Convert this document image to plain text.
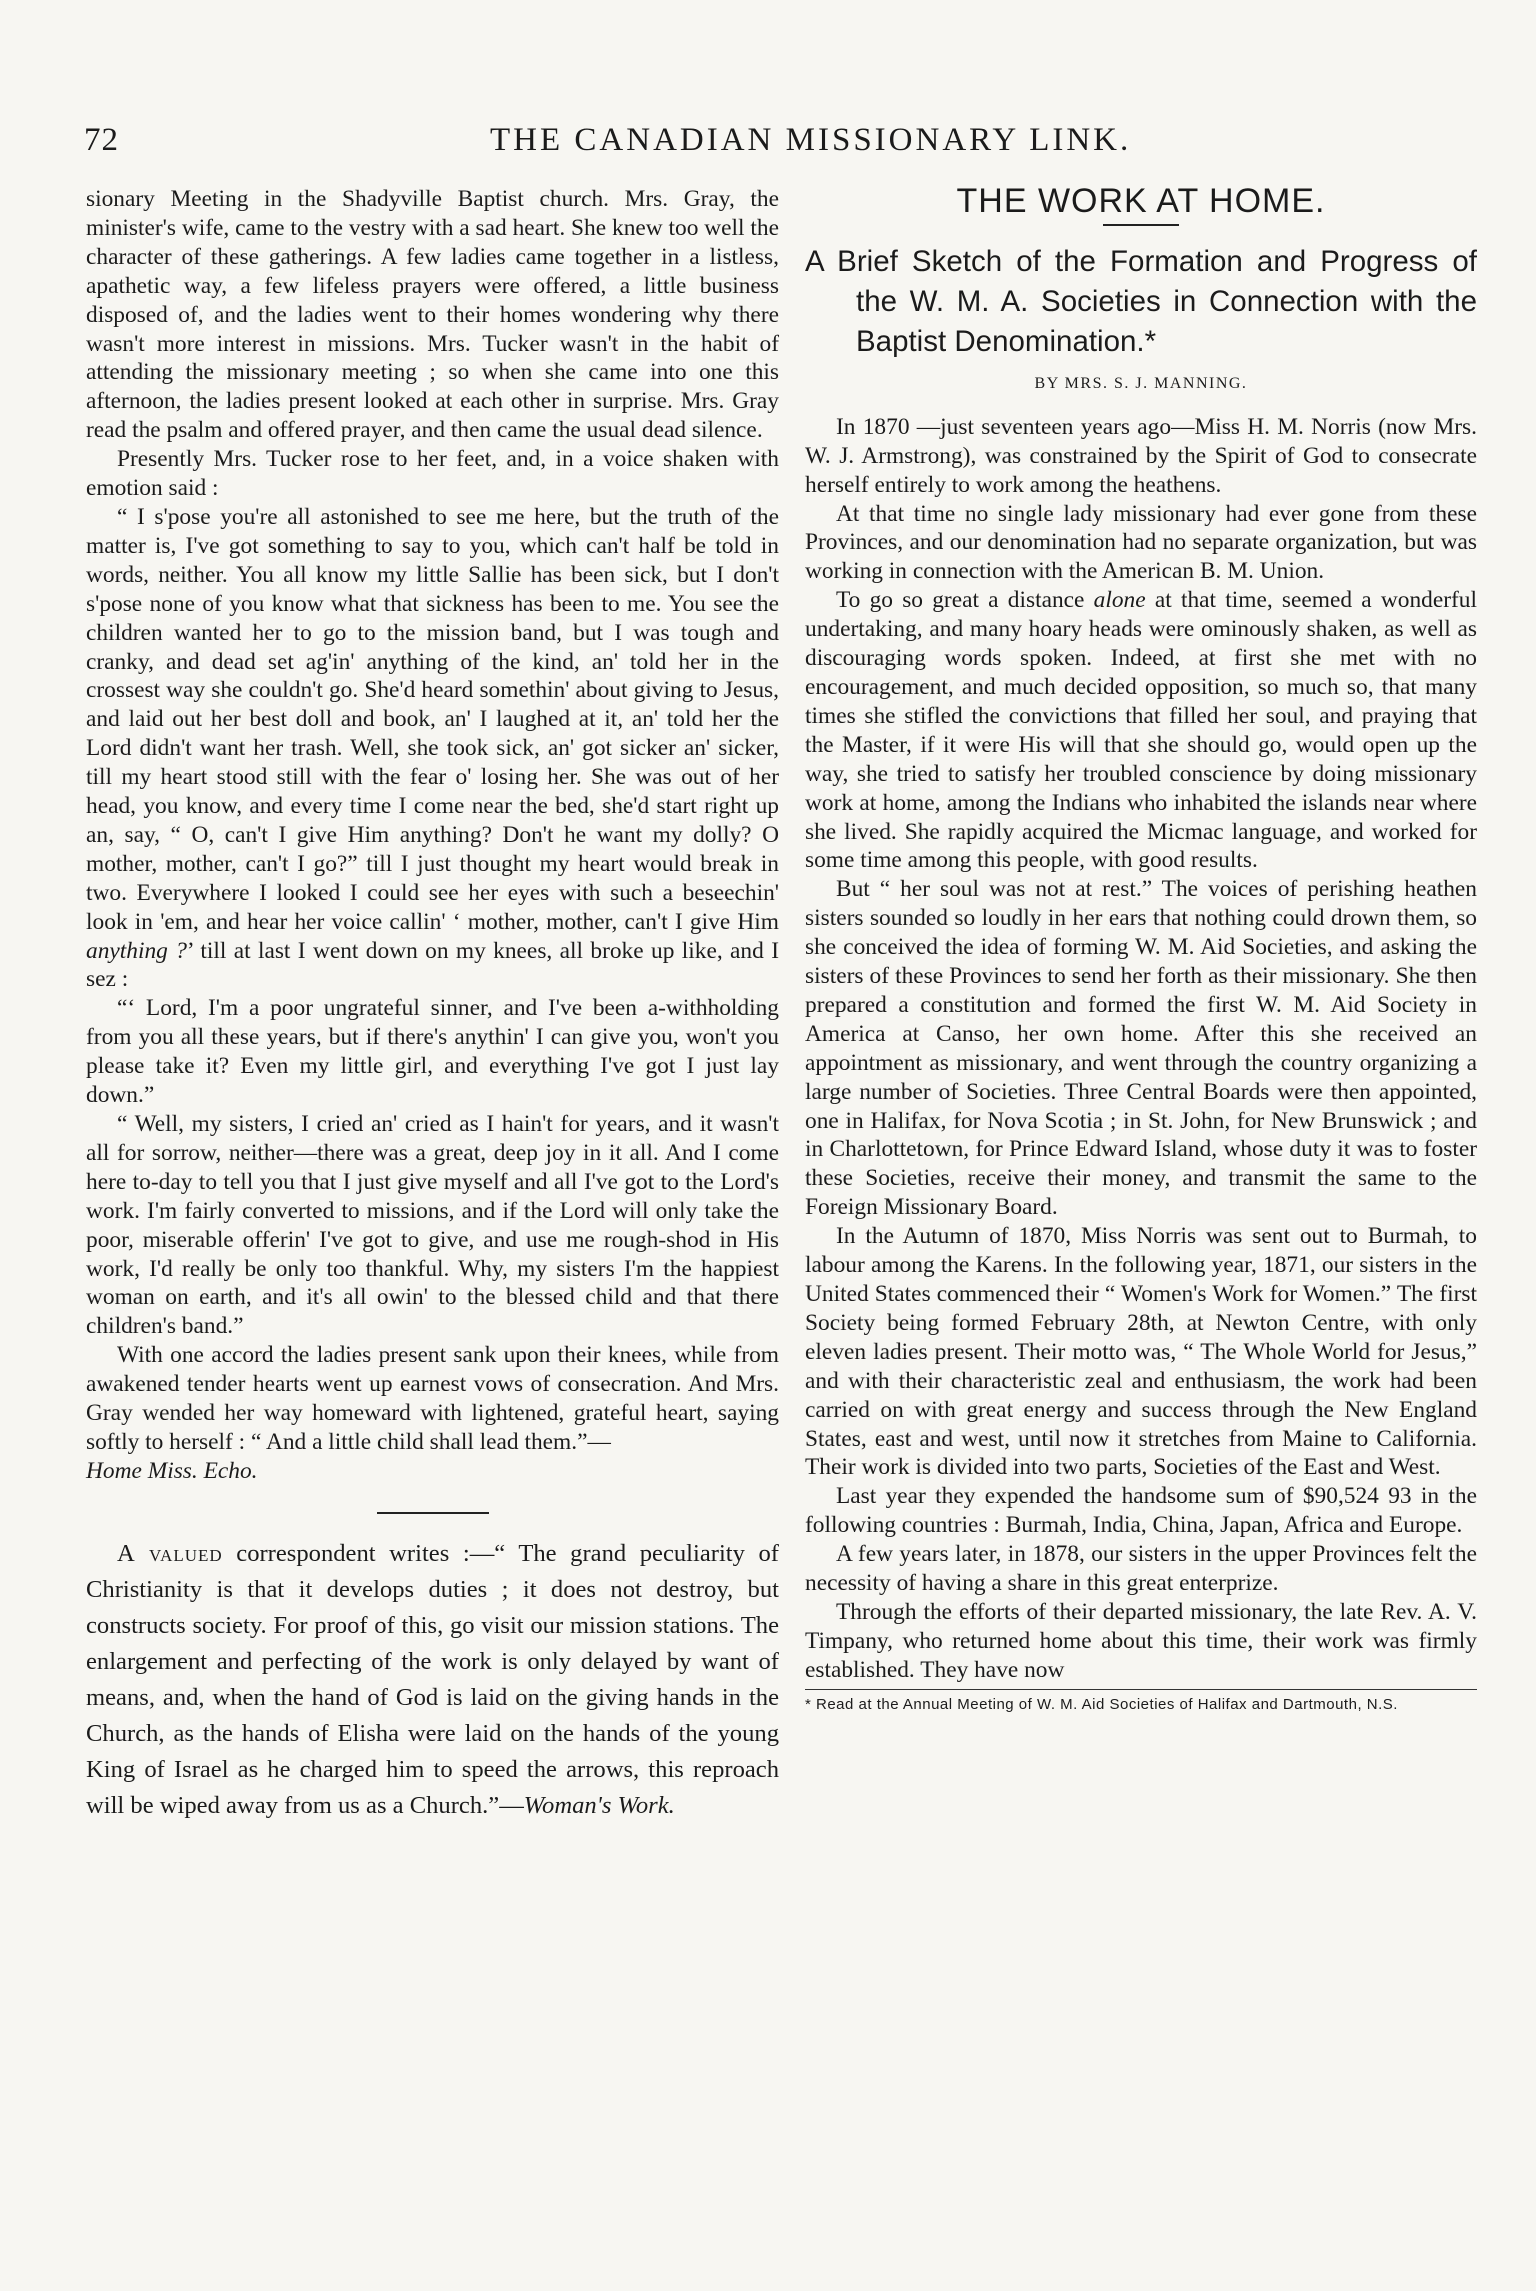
72	THE CANADIAN MISSIONARY LINK.

sionary Meeting in the Shadyville Baptist church. Mrs. Gray, the minister's wife, came to the vestry with a sad heart. She knew too well the character of these gatherings. A few ladies came together in a listless, apathetic way, a few lifeless prayers were offered, a little business disposed of, and the ladies went to their homes wondering why there wasn't more interest in missions. Mrs. Tucker wasn't in the habit of attending the missionary meeting ; so when she came into one this afternoon, the ladies present looked at each other in surprise. Mrs. Gray read the psalm and offered prayer, and then came the usual dead silence.

Presently Mrs. Tucker rose to her feet, and, in a voice shaken with emotion said :

“ I s'pose you're all astonished to see me here, but the truth of the matter is, I've got something to say to you, which can't half be told in words, neither. You all know my little Sallie has been sick, but I don't s'pose none of you know what that sickness has been to me. You see the children wanted her to go to the mission band, but I was tough and cranky, and dead set ag'in' anything of the kind, an' told her in the crossest way she couldn't go. She'd heard somethin' about giving to Jesus, and laid out her best doll and book, an' I laughed at it, an' told her the Lord didn't want her trash. Well, she took sick, an' got sicker an' sicker, till my heart stood still with the fear o' losing her. She was out of her head, you know, and every time I come near the bed, she'd start right up an, say, “ O, can't I give Him anything? Don't he want my dolly? O mother, mother, can't I go?” till I just thought my heart would break in two. Everywhere I looked I could see her eyes with such a beseechin' look in 'em, and hear her voice callin' ‘ mother, mother, can't I give Him anything ?’ till at last I went down on my knees, all broke up like, and I sez :

“‘ Lord, I'm a poor ungrateful sinner, and I've been a-withholding from you all these years, but if there's anythin' I can give you, won't you please take it? Even my little girl, and everything I've got I just lay down.”

“ Well, my sisters, I cried an' cried as I hain't for years, and it wasn't all for sorrow, neither—there was a great, deep joy in it all. And I come here to-day to tell you that I just give myself and all I've got to the Lord's work. I'm fairly converted to missions, and if the Lord will only take the poor, miserable offerin' I've got to give, and use me rough-shod in His work, I'd really be only too thankful. Why, my sisters I'm the happiest woman on earth, and it's all owin' to the blessed child and that there children's band.”

With one accord the ladies present sank upon their knees, while from awakened tender hearts went up earnest vows of consecration. And Mrs. Gray wended her way homeward with lightened, grateful heart, saying softly to herself : “ And a little child shall lead them.”—

Home Miss. Echo.

A valued correspondent writes :—“ The grand peculiarity of Christianity is that it develops duties ; it does not destroy, but constructs society. For proof of this, go visit our mission stations. The enlargement and perfecting of the work is only delayed by want of means, and, when the hand of God is laid on the giving hands in the Church, as the hands of Elisha were laid on the hands of the young King of Israel as he charged him to speed the arrows, this reproach will be wiped away from us as a Church.”—Woman's Work.

THE WORK AT HOME.

A Brief Sketch of the Formation and Progress of the W. M. A. Societies in Connection with the Baptist Denomination.*

BY MRS. S. J. MANNING.

In 1870 —just seventeen years ago—Miss H. M. Norris (now Mrs. W. J. Armstrong), was constrained by the Spirit of God to consecrate herself entirely to work among the heathens.

At that time no single lady missionary had ever gone from these Provinces, and our denomination had no separate organization, but was working in connection with the American B. M. Union.

To go so great a distance alone at that time, seemed a wonderful undertaking, and many hoary heads were ominously shaken, as well as discouraging words spoken. Indeed, at first she met with no encouragement, and much decided opposition, so much so, that many times she stifled the convictions that filled her soul, and praying that the Master, if it were His will that she should go, would open up the way, she tried to satisfy her troubled conscience by doing missionary work at home, among the Indians who inhabited the islands near where she lived. She rapidly acquired the Micmac language, and worked for some time among this people, with good results.

But “ her soul was not at rest.” The voices of perishing heathen sisters sounded so loudly in her ears that nothing could drown them, so she conceived the idea of forming W. M. Aid Societies, and asking the sisters of these Provinces to send her forth as their missionary. She then prepared a constitution and formed the first W. M. Aid Society in America at Canso, her own home. After this she received an appointment as missionary, and went through the country organizing a large number of Societies. Three Central Boards were then appointed, one in Halifax, for Nova Scotia ; in St. John, for New Brunswick ; and in Charlottetown, for Prince Edward Island, whose duty it was to foster these Societies, receive their money, and transmit the same to the Foreign Missionary Board.

In the Autumn of 1870, Miss Norris was sent out to Burmah, to labour among the Karens. In the following year, 1871, our sisters in the United States commenced their “ Women's Work for Women.” The first Society being formed February 28th, at Newton Centre, with only eleven ladies present. Their motto was, “ The Whole World for Jesus,” and with their characteristic zeal and enthusiasm, the work had been carried on with great energy and success through the New England States, east and west, until now it stretches from Maine to California. Their work is divided into two parts, Societies of the East and West.

Last year they expended the handsome sum of $90,524 93 in the following countries : Burmah, India, China, Japan, Africa and Europe.

A few years later, in 1878, our sisters in the upper Provinces felt the necessity of having a share in this great enterprize.

Through the efforts of their departed missionary, the late Rev. A. V. Timpany, who returned home about this time, their work was firmly established. They have now

* Read at the Annual Meeting of W. M. Aid Societies of Halifax and Dartmouth, N.S.
